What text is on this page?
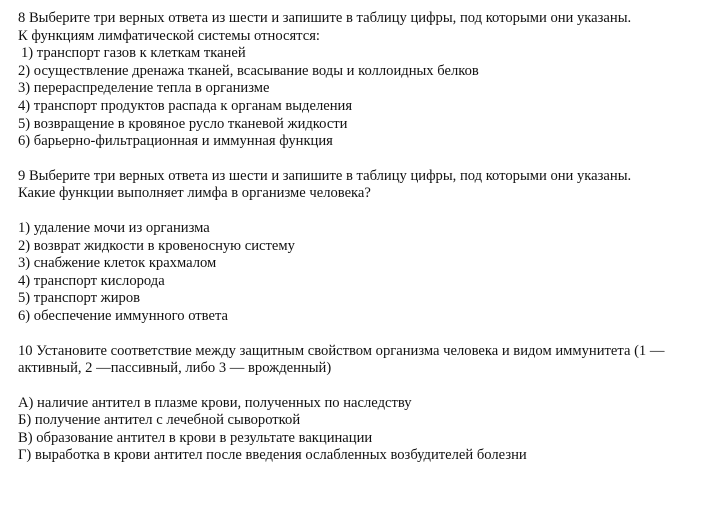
8 Выберите три верных ответа из шести и запишите в таблицу цифры, под которыми они указаны.
К функциям лимфатической системы относятся:
1) транспорт газов к клеткам тканей
2) осуществление дренажа тканей, всасывание воды и коллоидных белков
3) перераспределение тепла в организме
4) транспорт продуктов распада к органам выделения
5) возвращение в кровяное русло тканевой жидкости
6) барьерно-фильтрационная и иммунная функция
9 Выберите три верных ответа из шести и запишите в таблицу цифры, под которыми они указаны.
Какие функции выполняет лимфа в организме человека?
1) удаление мочи из организма
2) возврат жидкости в кровеносную систему
3) снабжение клеток крахмалом
4) транспорт кислорода
5) транспорт жиров
6) обеспечение иммунного ответа
10 Установите соответствие между защитным свойством организма человека и видом иммунитета (1 —
активный, 2 —пассивный, либо 3 — врожденный)
А) наличие антител в плазме крови, полученных по наследству
Б) получение антител с лечебной сывороткой
В) образование антител в крови в результате вакцинации
Г) выработка в крови антител после введения ослабленных возбудителей болезни
